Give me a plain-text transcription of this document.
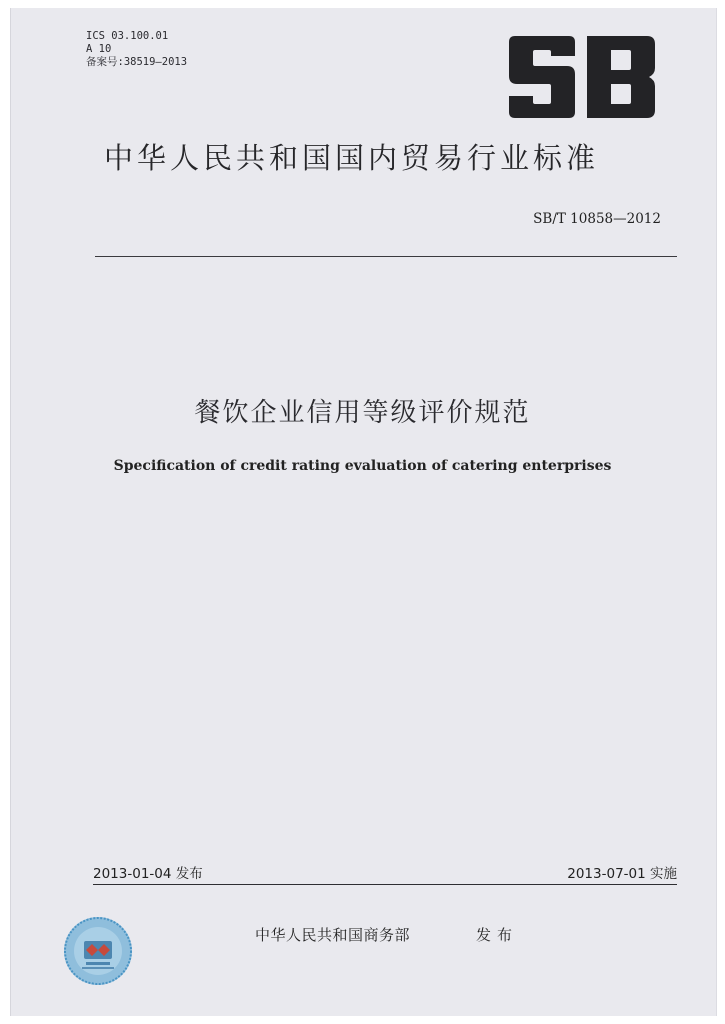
ICS 03.100.01
A 10
备案号:38519—2013
SB
中华人民共和国国内贸易行业标准
SB/T 10858—2012
餐饮企业信用等级评价规范
Specification of credit rating evaluation of catering enterprises
2013-01-04 发布	2013-07-01 实施
中华人民共和国商务部	发布
